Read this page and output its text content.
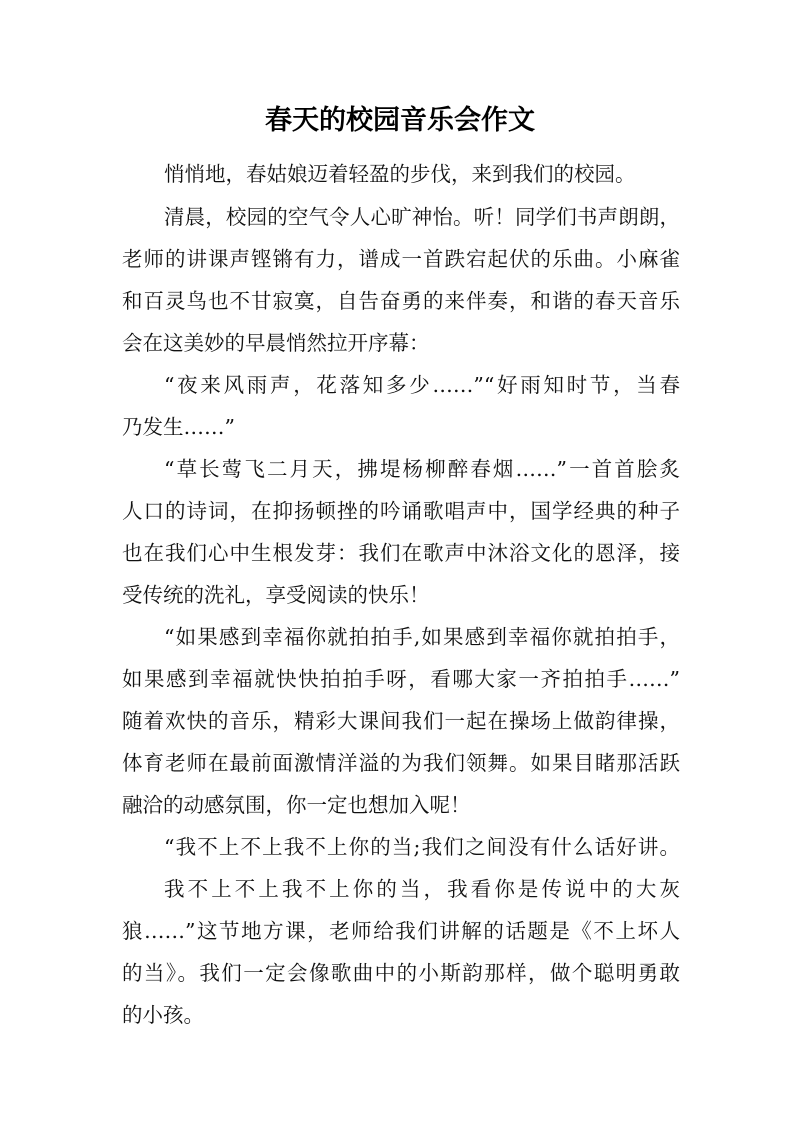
春天的校园音乐会作文

悄悄地，春姑娘迈着轻盈的步伐，来到我们的校园。

清晨，校园的空气令人心旷神怡。听！同学们书声朗朗，

老师的讲课声铿锵有力，谱成一首跌宕起伏的乐曲。小麻雀

和百灵鸟也不甘寂寞，自告奋勇的来伴奏，和谐的春天音乐

会在这美妙的早晨悄然拉开序幕：

“夜来风雨声，花落知多少……”“好雨知时节，当春

乃发生……”

“草长莺飞二月天，拂堤杨柳醉春烟……”一首首脍炙

人口的诗词，在抑扬顿挫的吟诵歌唱声中，国学经典的种子

也在我们心中生根发芽：我们在歌声中沐浴文化的恩泽，接

受传统的洗礼，享受阅读的快乐！

“如果感到幸福你就拍拍手,如果感到幸福你就拍拍手，

如果感到幸福就快快拍拍手呀，看哪大家一齐拍拍手……”

随着欢快的音乐，精彩大课间我们一起在操场上做韵律操，

体育老师在最前面激情洋溢的为我们领舞。如果目睹那活跃

融洽的动感氛围，你一定也想加入呢！

“我不上不上我不上你的当;我们之间没有什么话好讲。

我不上不上我不上你的当，我看你是传说中的大灰

狼……”这节地方课，老师给我们讲解的话题是《不上坏人

的当》。我们一定会像歌曲中的小斯韵那样，做个聪明勇敢

的小孩。
